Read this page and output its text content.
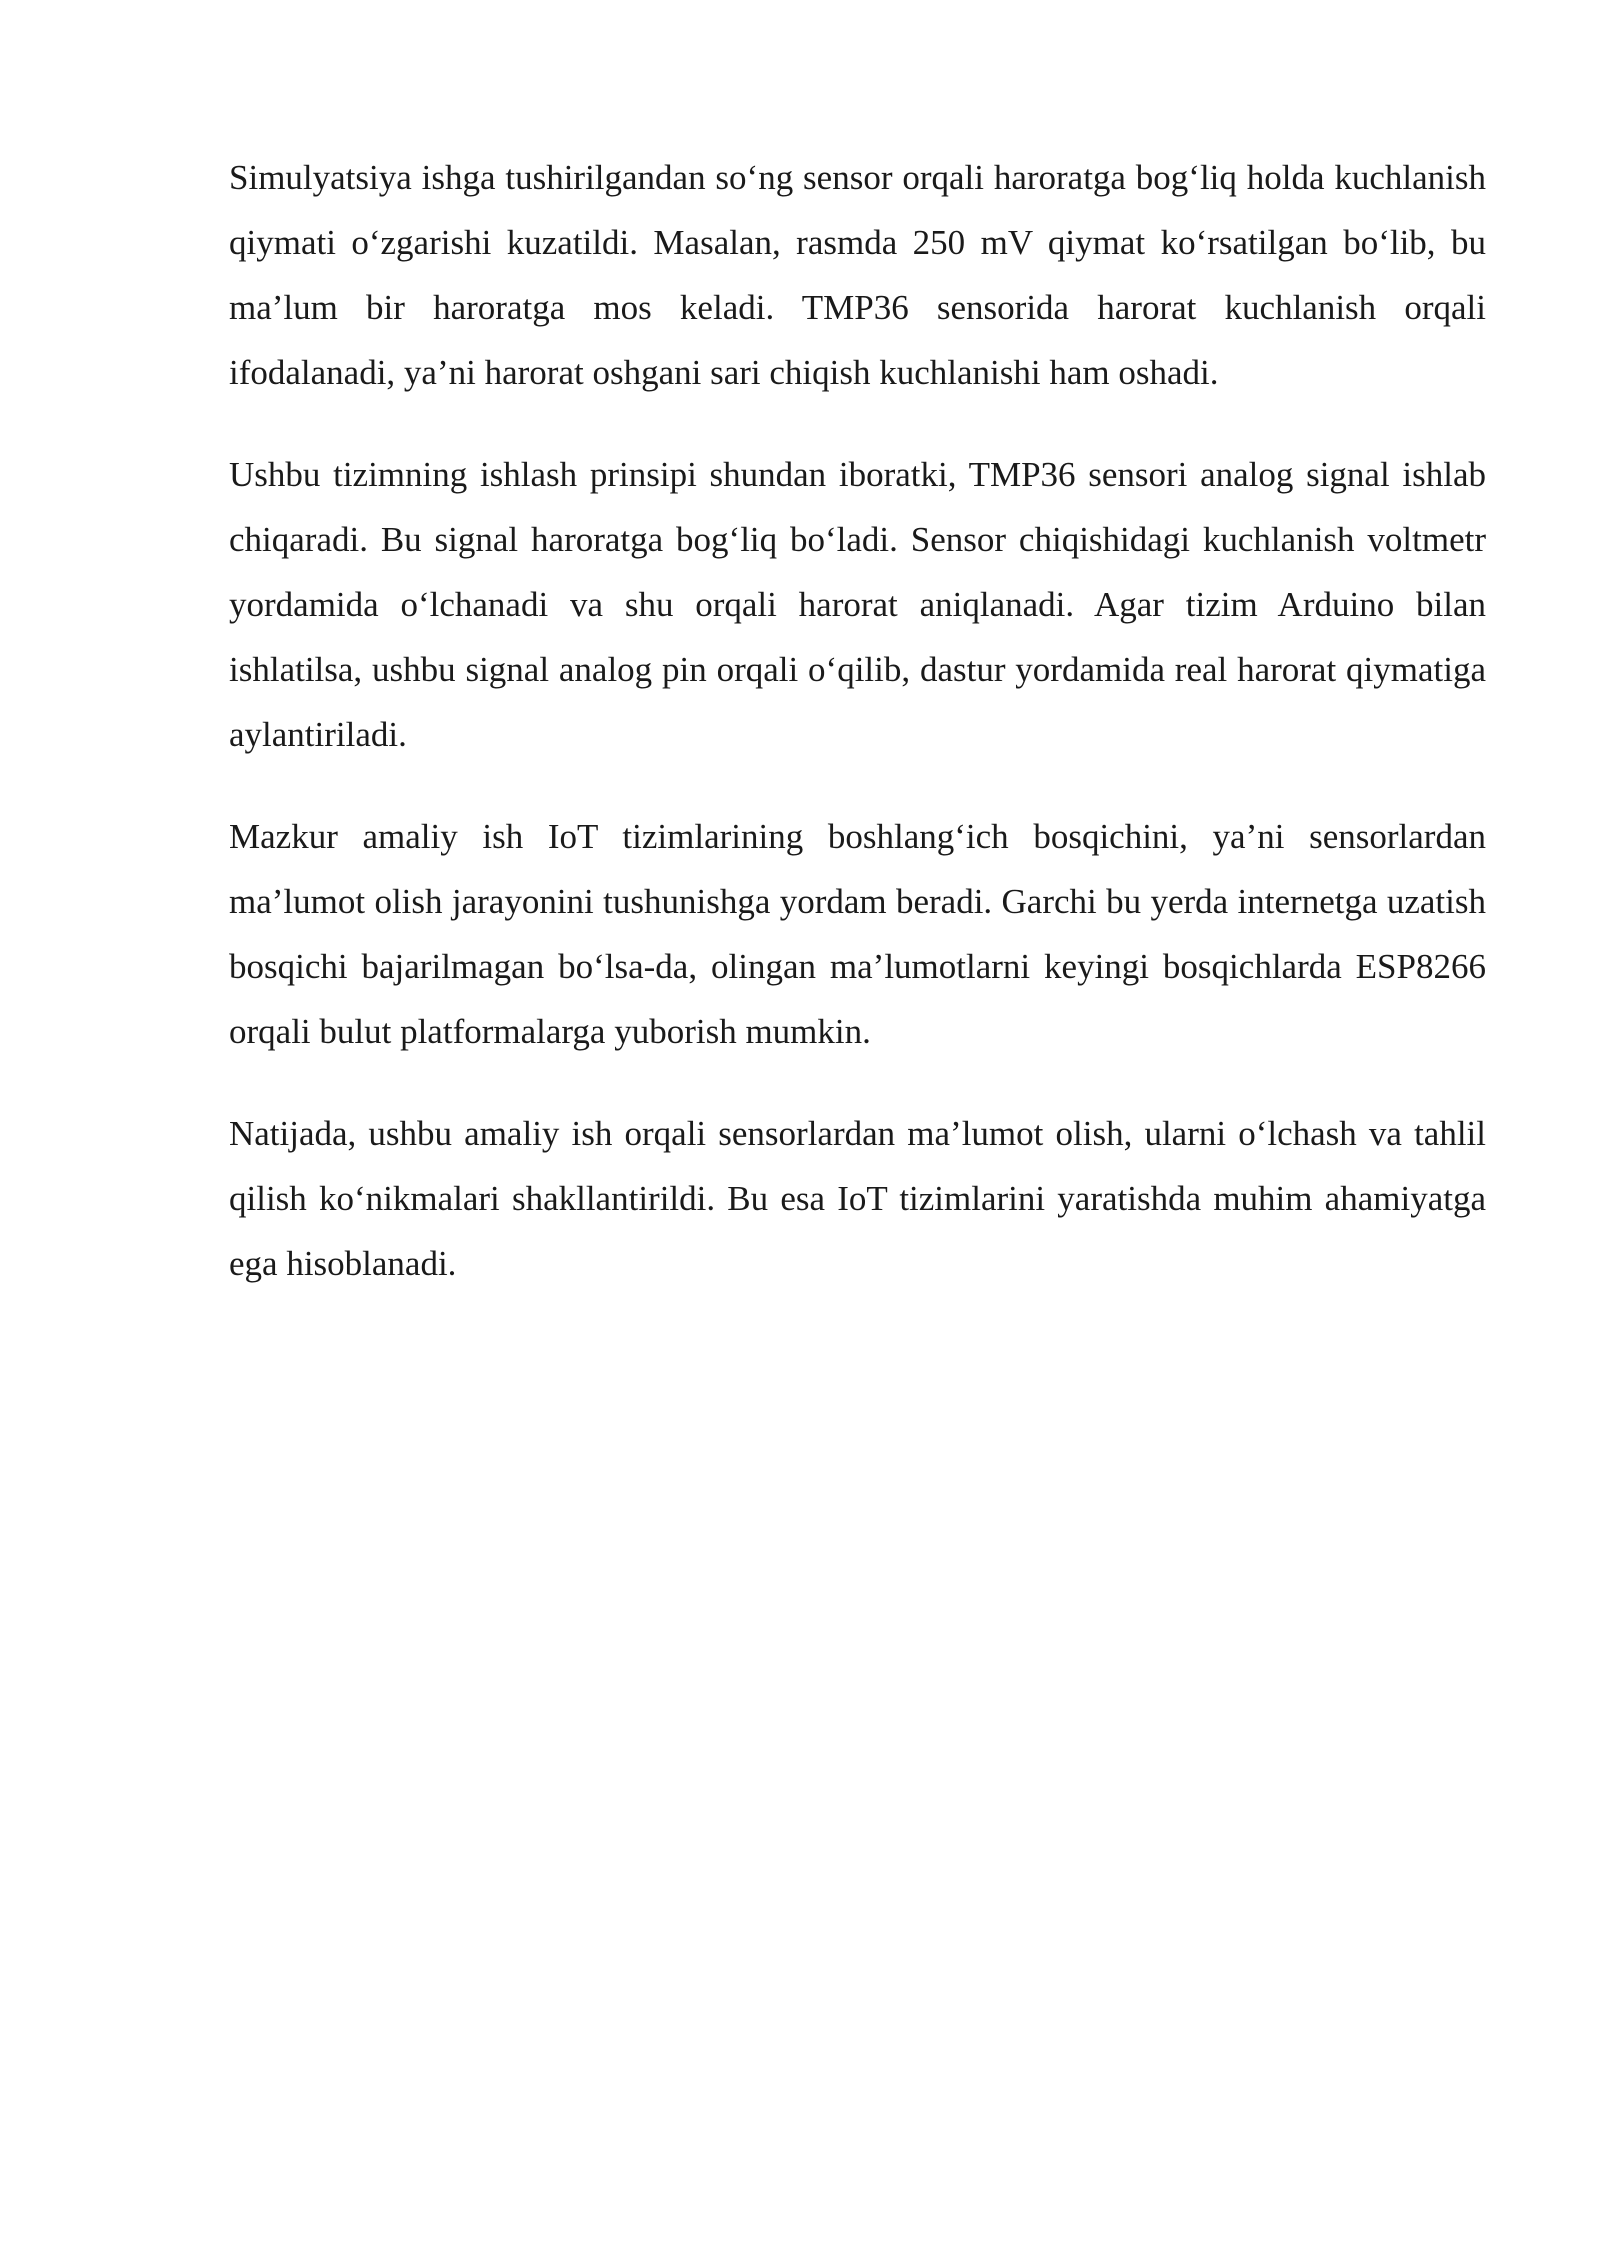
Simulyatsiya ishga tushirilgandan so‘ng sensor orqali haroratga bog‘liq holda kuchlanish qiymati o‘zgarishi kuzatildi. Masalan, rasmda 250 mV qiymat ko‘rsatilgan bo‘lib, bu ma’lum bir haroratga mos keladi. TMP36 sensorida harorat kuchlanish orqali ifodalanadi, ya’ni harorat oshgani sari chiqish kuchlanishi ham oshadi.

Ushbu tizimning ishlash prinsipi shundan iboratki, TMP36 sensori analog signal ishlab chiqaradi. Bu signal haroratga bog‘liq bo‘ladi. Sensor chiqishidagi kuchlanish voltmetr yordamida o‘lchanadi va shu orqali harorat aniqlanadi. Agar tizim Arduino bilan ishlatilsa, ushbu signal analog pin orqali o‘qilib, dastur yordamida real harorat qiymatiga aylantiriladi.

Mazkur amaliy ish IoT tizimlarining boshlang‘ich bosqichini, ya’ni sensorlardan ma’lumot olish jarayonini tushunishga yordam beradi. Garchi bu yerda internetga uzatish bosqichi bajarilmagan bo‘lsa-da, olingan ma’lumotlarni keyingi bosqichlarda ESP8266 orqali bulut platformalarga yuborish mumkin.

Natijada, ushbu amaliy ish orqali sensorlardan ma’lumot olish, ularni o‘lchash va tahlil qilish ko‘nikmalari shakllantirildi. Bu esa IoT tizimlarini yaratishda muhim ahamiyatga ega hisoblanadi.
